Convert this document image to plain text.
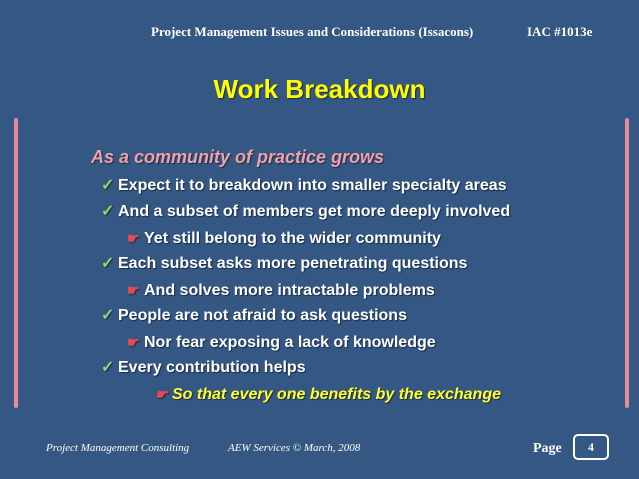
Project Management Issues and Considerations (Issacons)	IAC #1013e
Work Breakdown
As a community of practice grows
✓ Expect it to breakdown into smaller specialty areas
✓ And a subset of members get more deeply involved
☛ Yet still belong to the wider community
✓ Each subset asks more penetrating questions
☛ And solves more intractable problems
✓ People are not afraid to ask questions
☛ Nor fear exposing a lack of knowledge
✓ Every contribution helps
☛ So that every one benefits by the exchange
Project Management Consulting	AEW Services © March, 2008	Page 4
